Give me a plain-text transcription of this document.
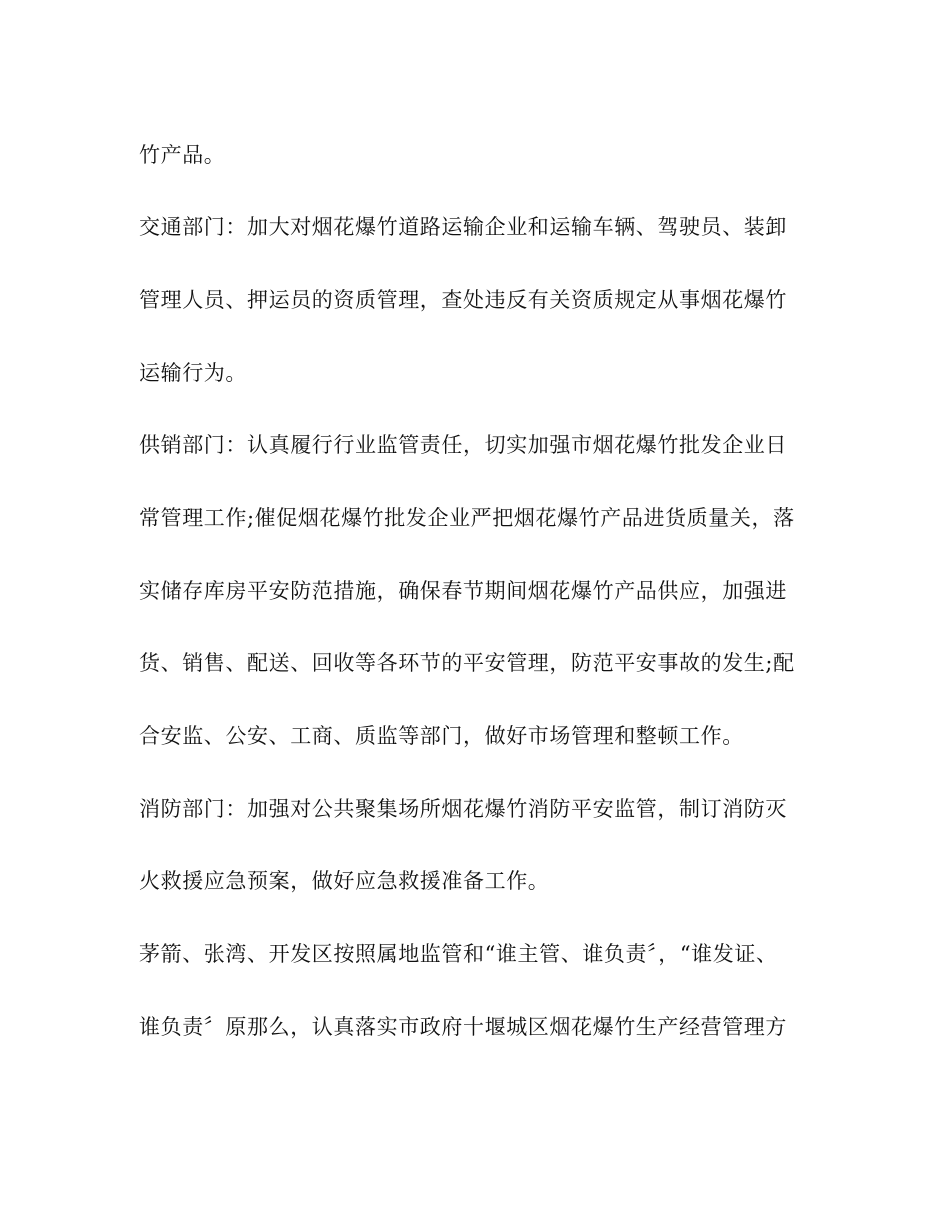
竹产品。
交通部门：加大对烟花爆竹道路运输企业和运输车辆、驾驶员、装卸
管理人员、押运员的资质管理，查处违反有关资质规定从事烟花爆竹
运输行为。
供销部门：认真履行行业监管责任，切实加强市烟花爆竹批发企业日
常管理工作;催促烟花爆竹批发企业严把烟花爆竹产品进货质量关，落
实储存库房平安防范措施，确保春节期间烟花爆竹产品供应，加强进
货、销售、配送、回收等各环节的平安管理，防范平安事故的发生;配
合安监、公安、工商、质监等部门，做好市场管理和整顿工作。
消防部门：加强对公共聚集场所烟花爆竹消防平安监管，制订消防灭
火救援应急预案，做好应急救援准备工作。
茅箭、张湾、开发区按照属地监管和“谁主管、谁负责〞，“谁发证、
谁负责〞原那么，认真落实市政府十堰城区烟花爆竹生产经营管理方
